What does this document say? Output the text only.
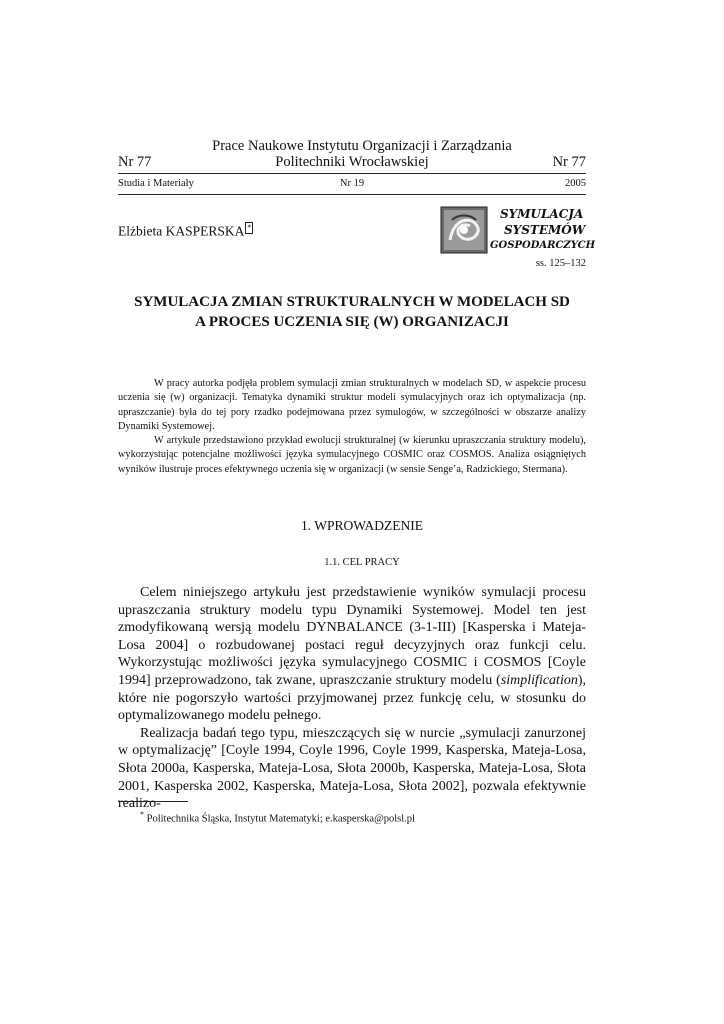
Prace Naukowe Instytutu Organizacji i Zarządzania
Politechniki Wrocławskiej
Nr 77	Nr 77
Studia i Materiały	Nr 19	2005
Elżbieta KASPERSKA *
SYMULACJA
SYSTEMÓW
GOSPODARCZYCH
ss. 125–132
SYMULACJA ZMIAN STRUKTURALNYCH W MODELACH SD
A PROCES UCZENIA SIĘ (W) ORGANIZACJI

W pracy autorka podjęła problem symulacji zmian strukturalnych w modelach SD, w aspekcie procesu uczenia się (w) organizacji. Tematyka dynamiki struktur modeli symulacyjnych oraz ich optymalizacja (np. upraszczanie) była do tej pory rzadko podejmowana przez symulogów, w szczególności w obszarze analizy Dynamiki Systemowej.

W artykule przedstawiono przykład ewolucji strukturalnej (w kierunku upraszczania struktury modelu), wykorzystując potencjalne możliwości języka symulacyjnego COSMIC oraz COSMOS. Analiza osiągniętych wyników ilustruje proces efektywnego uczenia się w organizacji (w sensie Senge’a, Radzickiego, Stermana).

1. WPROWADZENIE
1.1. CEL PRACY

Celem niniejszego artykułu jest przedstawienie wyników symulacji procesu upraszczania struktury modelu typu Dynamiki Systemowej. Model ten jest zmodyfikowaną wersją modelu DYNBALANCE (3-1-III) [Kasperska i Mateja-Losa 2004] o rozbudowanej postaci reguł decyzyjnych oraz funkcji celu. Wykorzystując możliwości języka symulacyjnego COSMIC i COSMOS [Coyle 1994] przeprowadzono, tak zwane, upraszczanie struktury modelu (simplification), które nie pogorszyło wartości przyjmowanej przez funkcję celu, w stosunku do optymalizowanego modelu pełnego.

Realizacja badań tego typu, mieszczących się w nurcie „symulacji zanurzonej w optymalizację” [Coyle 1994, Coyle 1996, Coyle 1999, Kasperska, Mateja-Losa, Słota 2000a, Kasperska, Mateja-Losa, Słota 2000b, Kasperska, Mateja-Losa, Słota 2001, Kasperska 2002, Kasperska, Mateja-Losa, Słota 2002], pozwala efektywnie realizo-

* Politechnika Śląska, Instytut Matematyki; e.kasperska@polsl.pl
